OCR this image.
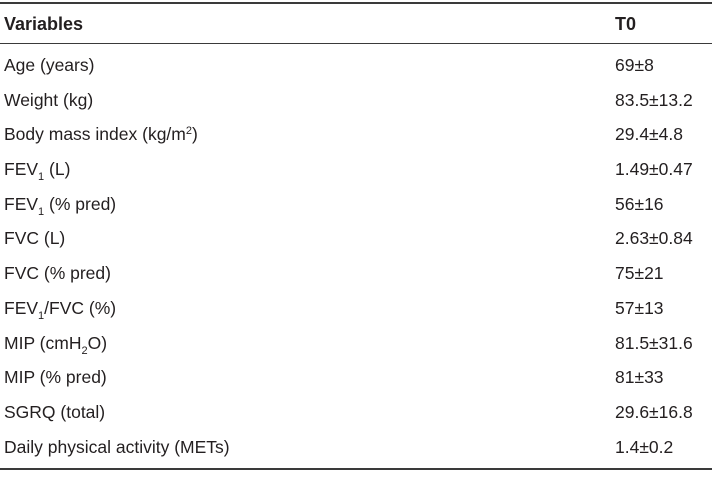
Variables	T0
Age (years)	69±8
Weight (kg)	83.5±13.2
Body mass index $(kg/m^2)$	29.4±4.8
$FEV_1$ (L)	1.49±0.47
$FEV_1$ (% pred)	56±16
FVC (L)	2.63±0.84
FVC (% pred)	75±21
$FEV_1$/FVC (%)	57±13
MIP (cmH$_2$O)	81.5±31.6
MIP (% pred)	81±33
SGRQ (total)	29.6±16.8
Daily physical activity (METs)	1.4±0.2
